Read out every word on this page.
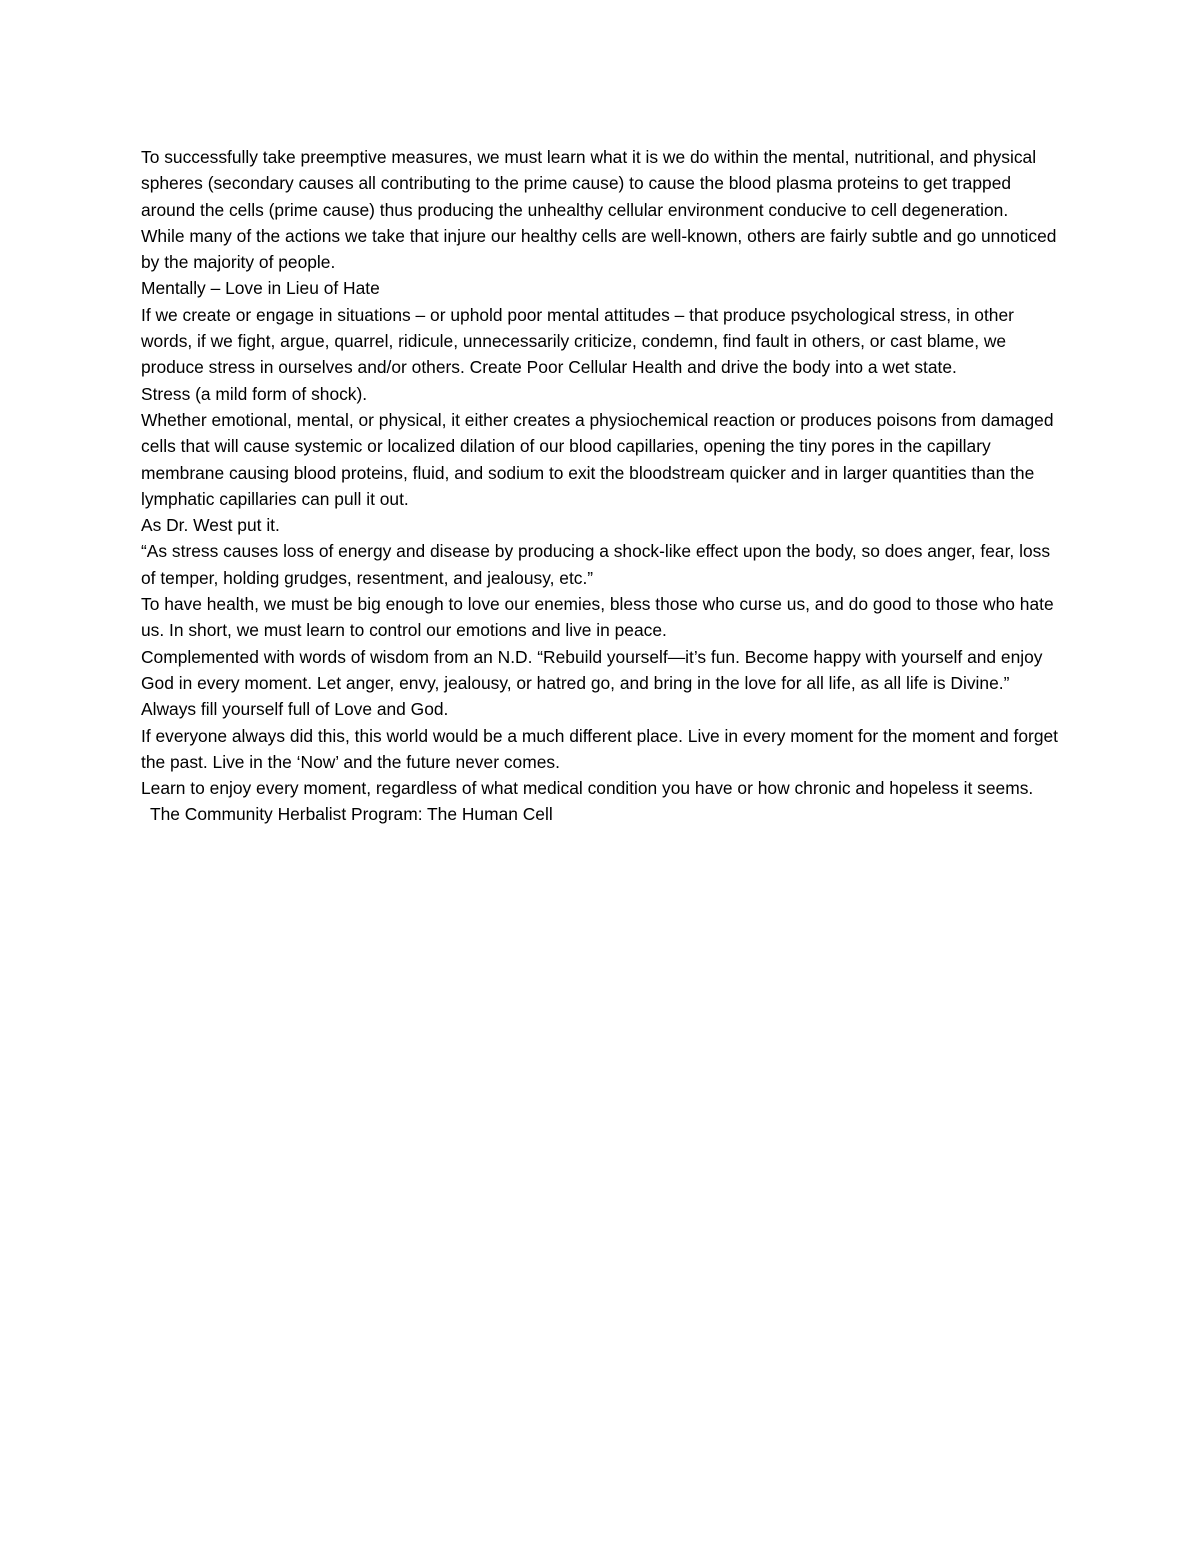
To successfully take preemptive measures, we must learn what it is we do within the mental, nutritional, and physical spheres (secondary causes all contributing to the prime cause) to cause the blood plasma proteins to get trapped around the cells (prime cause) thus producing the unhealthy cellular environment conducive to cell degeneration.

While many of the actions we take that injure our healthy cells are well-known, others are fairly subtle and go unnoticed by the majority of people.

Mentally – Love in Lieu of Hate

If we create or engage in situations – or uphold poor mental attitudes – that produce psychological stress, in other words, if we fight, argue, quarrel, ridicule, unnecessarily criticize, condemn, find fault in others, or cast blame, we produce stress in ourselves and/or others. Create Poor Cellular Health and drive the body into a wet state.

Stress (a mild form of shock).

Whether emotional, mental, or physical, it either creates a physiochemical reaction or produces poisons from damaged cells that will cause systemic or localized dilation of our blood capillaries, opening the tiny pores in the capillary membrane causing blood proteins, fluid, and sodium to exit the bloodstream quicker and in larger quantities than the lymphatic capillaries can pull it out.

As Dr. West put it.

“As stress causes loss of energy and disease by producing a shock-like effect upon the body, so does anger, fear, loss of temper, holding grudges, resentment, and jealousy, etc.”

To have health, we must be big enough to love our enemies, bless those who curse us, and do good to those who hate us. In short, we must learn to control our emotions and live in peace.

Complemented with words of wisdom from an N.D. “Rebuild yourself—it’s fun. Become happy with yourself and enjoy God in every moment. Let anger, envy, jealousy, or hatred go, and bring in the love for all life, as all life is Divine.”

Always fill yourself full of Love and God.

If everyone always did this, this world would be a much different place. Live in every moment for the moment and forget the past. Live in the ‘Now’ and the future never comes.

Learn to enjoy every moment, regardless of what medical condition you have or how chronic and hopeless it seems.

The Community Herbalist Program: The Human Cell
